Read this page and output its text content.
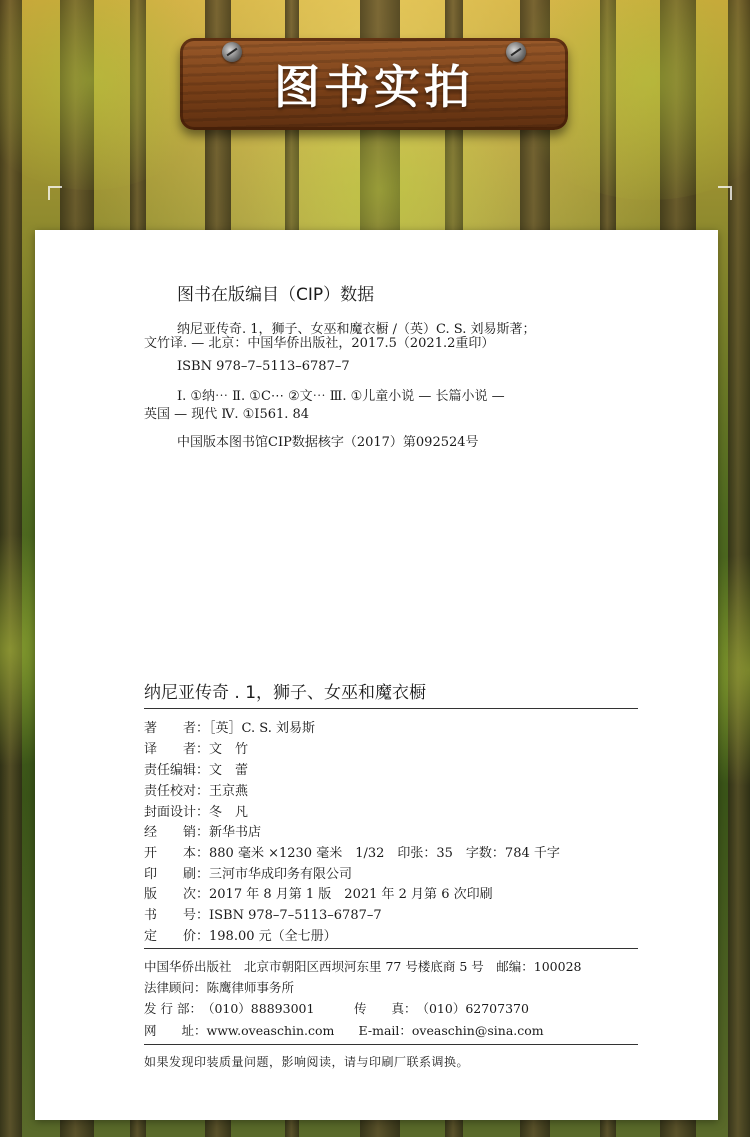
图书实拍
图书在版编目（CIP）数据
纳尼亚传奇. 1，狮子、女巫和魔衣橱 /（英）C. S. 刘易斯著；
文竹译. — 北京：中国华侨出版社，2017.5（2021.2重印）
ISBN 978–7–5113–6787–7
Ⅰ. ①纳⋯ Ⅱ. ①C⋯ ②文⋯ Ⅲ. ①儿童小说 — 长篇小说 —
英国 — 现代 Ⅳ. ①I561. 84
中国版本图书馆CIP数据核字（2017）第092524号
纳尼亚传奇 . 1，狮子、女巫和魔衣橱
著　　者：［英］C. S. 刘易斯
译　　者：文　竹
责任编辑：文　蕾
责任校对：王京燕
封面设计：冬　凡
经　　销：新华书店
开　　本：880 毫米 ×1230 毫米　1/32　印张：35　字数：784 千字
印　　刷：三河市华成印务有限公司
版　　次：2017 年 8 月第 1 版　2021 年 2 月第 6 次印刷
书　　号：ISBN 978–7–5113–6787–7
定　　价：198.00 元（全七册）
中国华侨出版社　北京市朝阳区西坝河东里 77 号楼底商 5 号　邮编：100028
法律顾问：陈鹰律师事务所
发 行 部：（010）88893001	传　　真：（010）62707370
网　　址：www.oveaschin.com E-mail：oveaschin@sina.com
如果发现印装质量问题，影响阅读，请与印刷厂联系调换。
